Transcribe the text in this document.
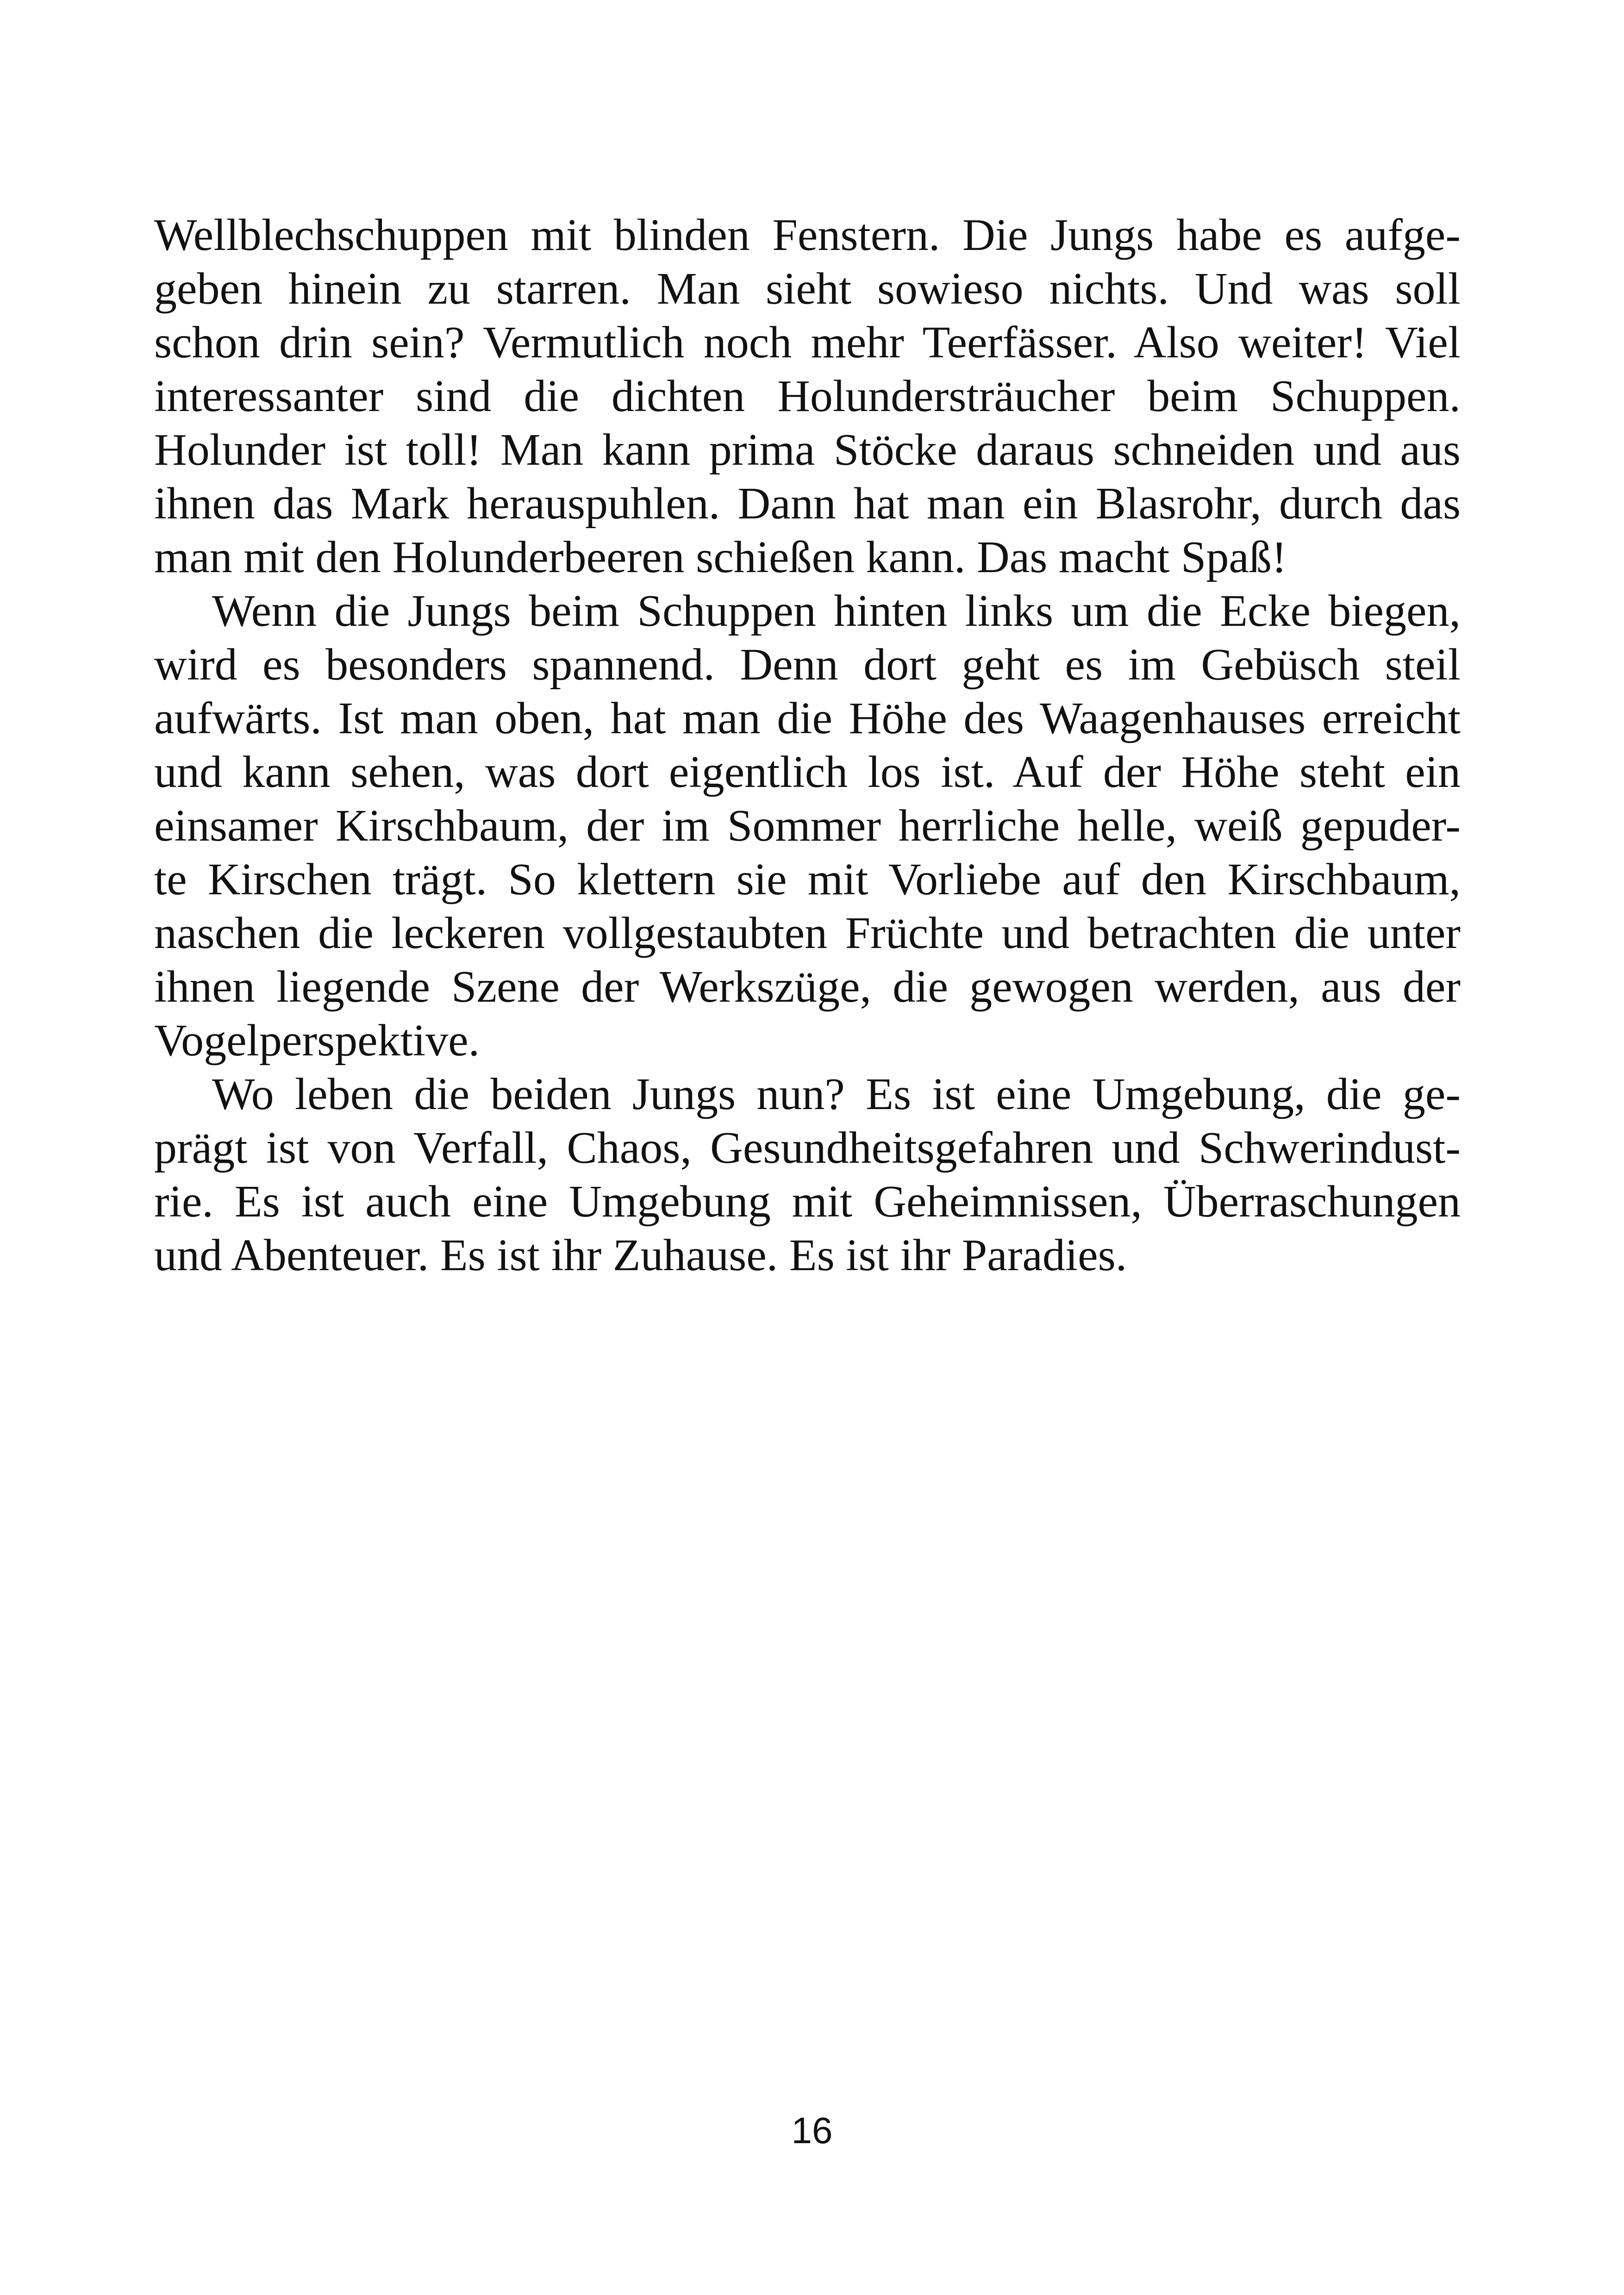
Wellblechschuppen mit blinden Fenstern. Die Jungs habe es aufge-
geben hinein zu starren. Man sieht sowieso nichts. Und was soll
schon drin sein? Vermutlich noch mehr Teerfässer. Also weiter! Viel
interessanter sind die dichten Holundersträucher beim Schuppen.
Holunder ist toll! Man kann prima Stöcke daraus schneiden und aus
ihnen das Mark herauspuhlen. Dann hat man ein Blasrohr, durch das
man mit den Holunderbeeren schießen kann. Das macht Spaß!
Wenn die Jungs beim Schuppen hinten links um die Ecke biegen,
wird es besonders spannend. Denn dort geht es im Gebüsch steil
aufwärts. Ist man oben, hat man die Höhe des Waagenhauses erreicht
und kann sehen, was dort eigentlich los ist. Auf der Höhe steht ein
einsamer Kirschbaum, der im Sommer herrliche helle, weiß gepuder-
te Kirschen trägt. So klettern sie mit Vorliebe auf den Kirschbaum,
naschen die leckeren vollgestaubten Früchte und betrachten die unter
ihnen liegende Szene der Werkszüge, die gewogen werden, aus der
Vogelperspektive.
Wo leben die beiden Jungs nun? Es ist eine Umgebung, die ge-
prägt ist von Verfall, Chaos, Gesundheitsgefahren und Schwerindust-
rie. Es ist auch eine Umgebung mit Geheimnissen, Überraschungen
und Abenteuer. Es ist ihr Zuhause. Es ist ihr Paradies.
16
